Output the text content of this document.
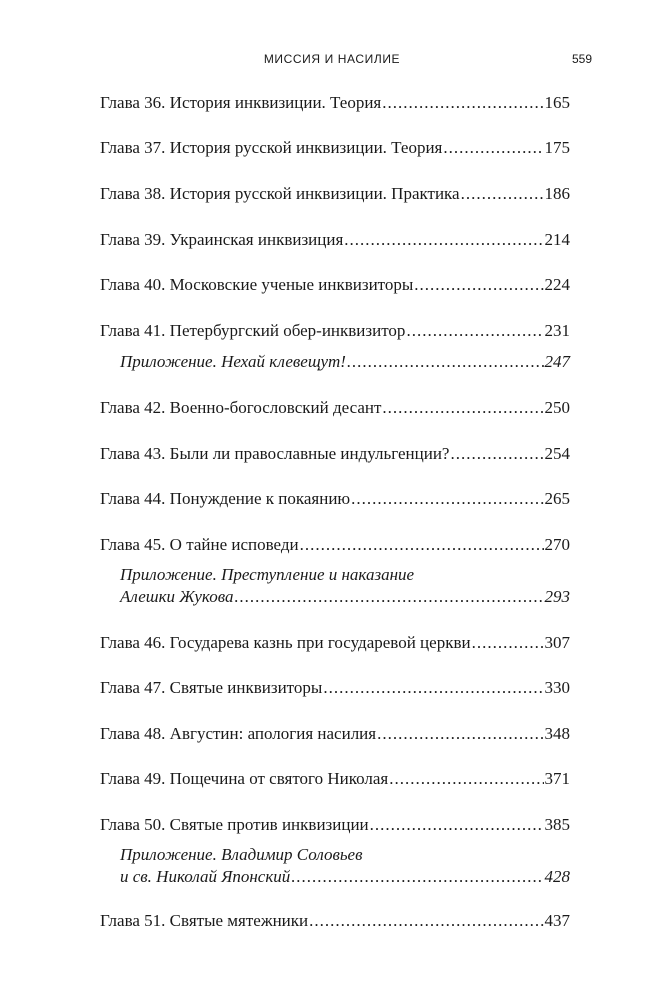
МИССИЯ И НАСИЛИЕ	559
Глава 36. История инквизиции. Теория .....	165
Глава 37. История русской инквизиции. Теория .....	175
Глава 38. История русской инквизиции. Практика .....	186
Глава 39. Украинская инквизиция .....	214
Глава 40. Московские ученые инквизиторы .....	224
Глава 41. Петербургский обер-инквизитор .....	231
Приложение. Нехай клевещут! .....	247
Глава 42. Военно-богословский десант .....	250
Глава 43. Были ли православные индульгенции? .....	254
Глава 44. Понуждение к покаянию .....	265
Глава 45. О тайне исповеди .....	270
Приложение. Преступление и наказание
Алешки Жукова .....	293
Глава 46. Государева казнь при государевой церкви .....	307
Глава 47. Святые инквизиторы .....	330
Глава 48. Августин: апология насилия .....	348
Глава 49. Пощечина от святого Николая .....	371
Глава 50. Святые против инквизиции .....	385
Приложение. Владимир Соловьев
и св. Николай Японский .....	428
Глава 51. Святые мятежники .....	437
